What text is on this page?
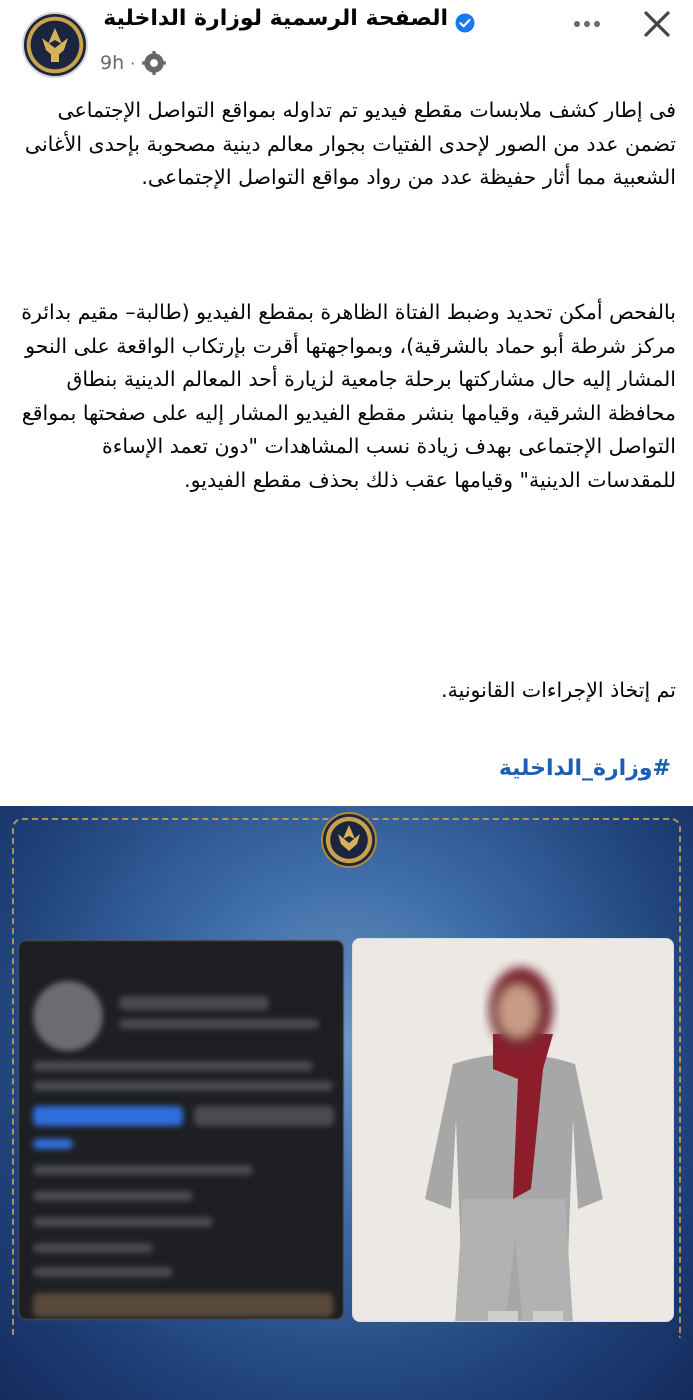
الصفحة الرسمية لوزارة الداخلية
9h ·
فى إطار كشف ملابسات مقطع فيديو تم تداوله بمواقع التواصل الإجتماعى تضمن عدد من الصور لإحدى الفتيات بجوار معالم دينية مصحوبة بإحدى الأغانى الشعبية مما أثار حفيظة عدد من رواد مواقع التواصل الإجتماعى.
بالفحص أمكن تحديد وضبط الفتاة الظاهرة بمقطع الفيديو (طالبة– مقيم بدائرة مركز شرطة أبو حماد بالشرقية)، وبمواجهتها أقرت بإرتكاب الواقعة على النحو المشار إليه حال مشاركتها برحلة جامعية لزيارة أحد المعالم الدينية بنطاق محافظة الشرقية، وقيامها بنشر مقطع الفيديو المشار إليه على صفحتها بمواقع التواصل الإجتماعى بهدف زيادة نسب المشاهدات "دون تعمد الإساءة للمقدسات الدينية" وقيامها عقب ذلك بحذف مقطع الفيديو.
تم إتخاذ الإجراءات القانونية.
#وزارة_الداخلية
